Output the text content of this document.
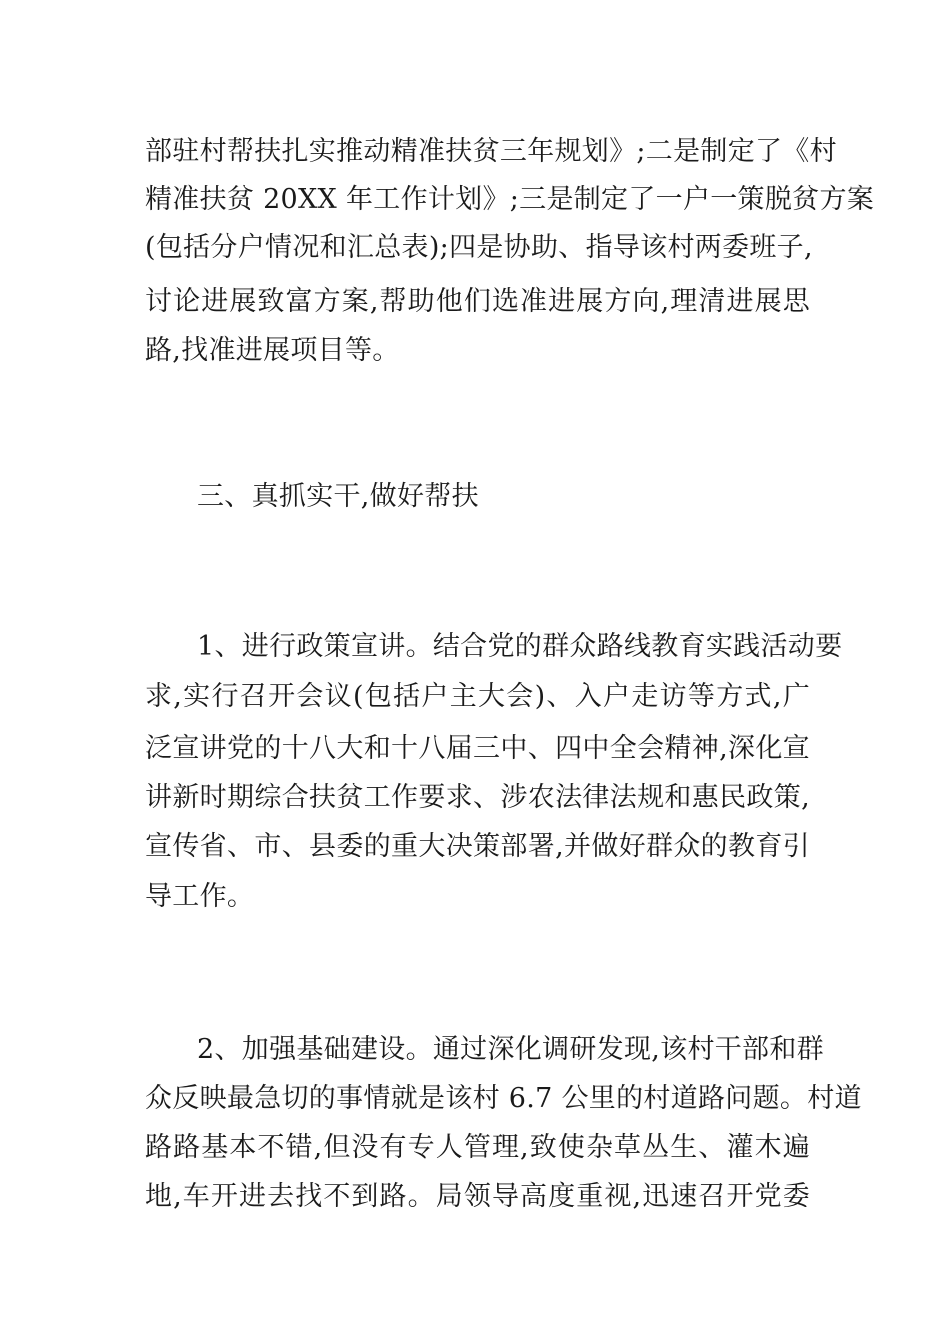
部驻村帮扶扎实推动精准扶贫三年规划》;二是制定了《村
精准扶贫 20XX 年工作计划》;三是制定了一户一策脱贫方案
(包括分户情况和汇总表);四是协助、指导该村两委班子,
讨论进展致富方案,帮助他们选准进展方向,理清进展思
路,找准进展项目等。
三、真抓实干,做好帮扶
1、进行政策宣讲。结合党的群众路线教育实践活动要
求,实行召开会议(包括户主大会)、入户走访等方式,广
泛宣讲党的十八大和十八届三中、四中全会精神,深化宣
讲新时期综合扶贫工作要求、涉农法律法规和惠民政策,
宣传省、市、县委的重大决策部署,并做好群众的教育引
导工作。
2、加强基础建设。通过深化调研发现,该村干部和群
众反映最急切的事情就是该村 6.7 公里的村道路问题。村道
路路基本不错,但没有专人管理,致使杂草丛生、灌木遍
地,车开进去找不到路。局领导高度重视,迅速召开党委
